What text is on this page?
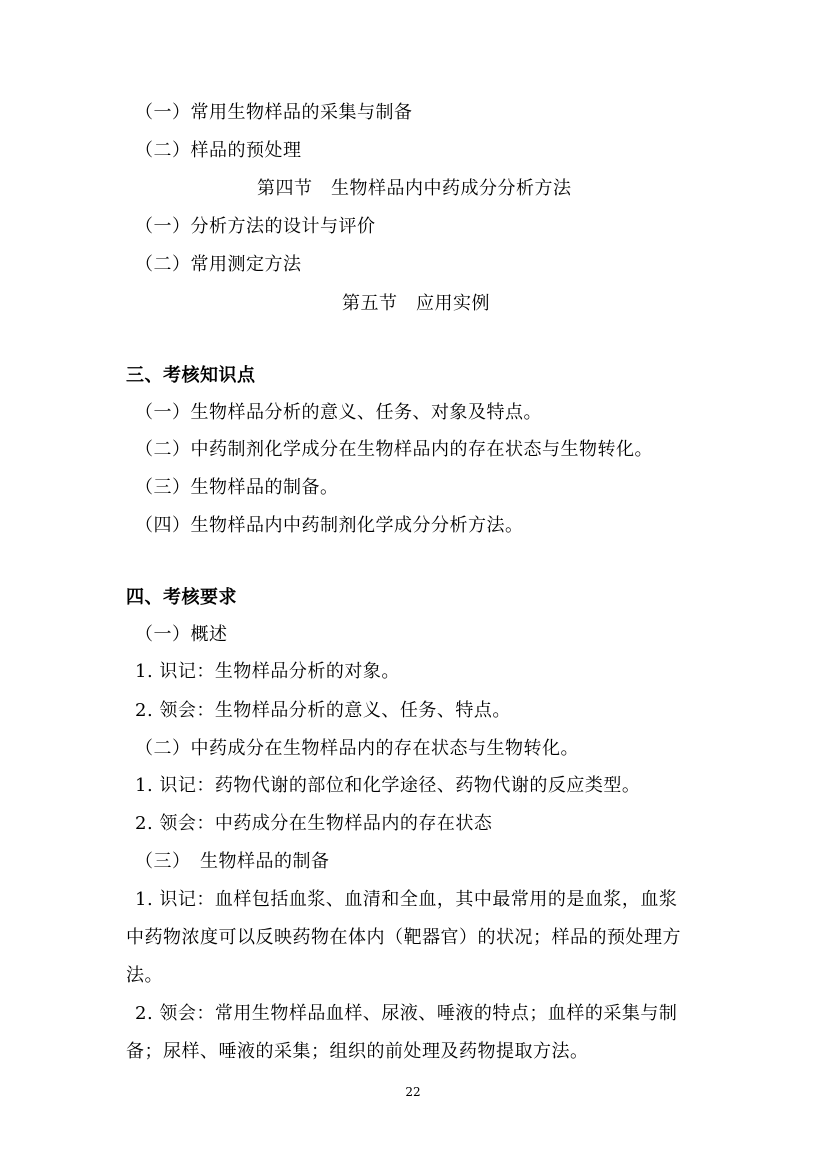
（一）常用生物样品的采集与制备
（二）样品的预处理
第四节　生物样品内中药成分分析方法
（一）分析方法的设计与评价
（二）常用测定方法
第五节　应用实例
三、考核知识点
（一）生物样品分析的意义、任务、对象及特点。
（二）中药制剂化学成分在生物样品内的存在状态与生物转化。
（三）生物样品的制备。
（四）生物样品内中药制剂化学成分分析方法。
四、考核要求
（一）概述
1. 识记：生物样品分析的对象。
2. 领会：生物样品分析的意义、任务、特点。
（二）中药成分在生物样品内的存在状态与生物转化。
1. 识记：药物代谢的部位和化学途径、药物代谢的反应类型。
2. 领会：中药成分在生物样品内的存在状态
（三）　生物样品的制备
1. 识记：血样包括血浆、血清和全血，其中最常用的是血浆，血浆
中药物浓度可以反映药物在体内（靶器官）的状况；样品的预处理方
法。
2. 领会：常用生物样品血样、尿液、唾液的特点；血样的采集与制
备；尿样、唾液的采集；组织的前处理及药物提取方法。
22
